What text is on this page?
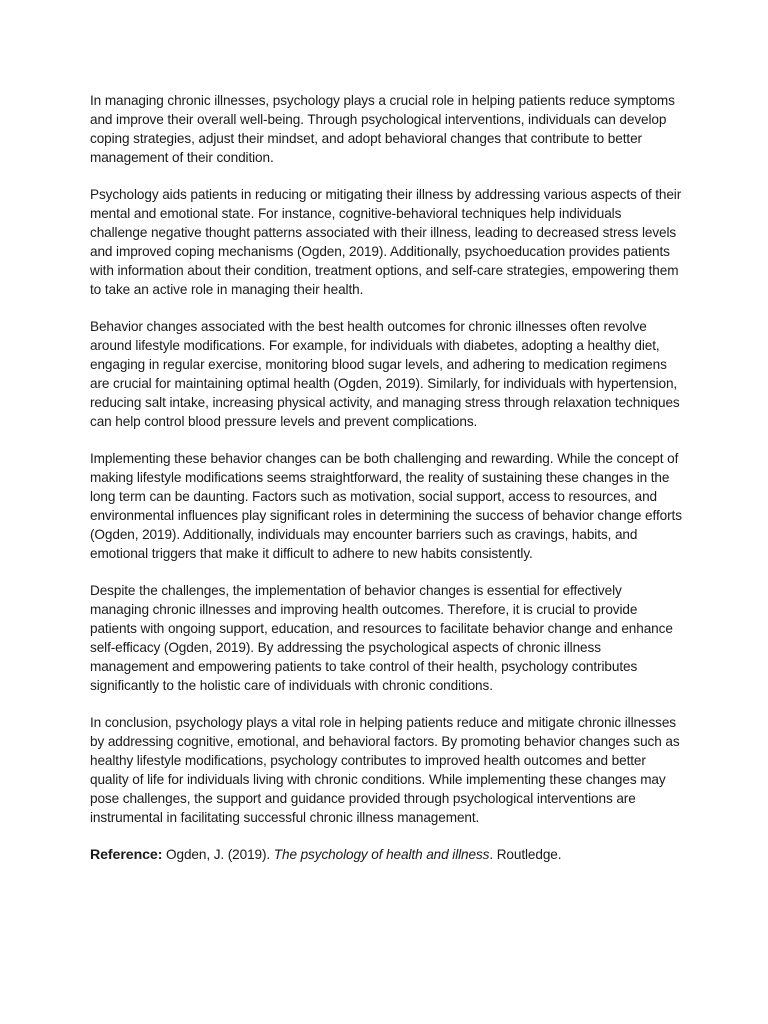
In managing chronic illnesses, psychology plays a crucial role in helping patients reduce symptoms and improve their overall well-being. Through psychological interventions, individuals can develop coping strategies, adjust their mindset, and adopt behavioral changes that contribute to better management of their condition.

Psychology aids patients in reducing or mitigating their illness by addressing various aspects of their mental and emotional state. For instance, cognitive-behavioral techniques help individuals challenge negative thought patterns associated with their illness, leading to decreased stress levels and improved coping mechanisms (Ogden, 2019). Additionally, psychoeducation provides patients with information about their condition, treatment options, and self-care strategies, empowering them to take an active role in managing their health.

Behavior changes associated with the best health outcomes for chronic illnesses often revolve around lifestyle modifications. For example, for individuals with diabetes, adopting a healthy diet, engaging in regular exercise, monitoring blood sugar levels, and adhering to medication regimens are crucial for maintaining optimal health (Ogden, 2019). Similarly, for individuals with hypertension, reducing salt intake, increasing physical activity, and managing stress through relaxation techniques can help control blood pressure levels and prevent complications.

Implementing these behavior changes can be both challenging and rewarding. While the concept of making lifestyle modifications seems straightforward, the reality of sustaining these changes in the long term can be daunting. Factors such as motivation, social support, access to resources, and environmental influences play significant roles in determining the success of behavior change efforts (Ogden, 2019). Additionally, individuals may encounter barriers such as cravings, habits, and emotional triggers that make it difficult to adhere to new habits consistently.

Despite the challenges, the implementation of behavior changes is essential for effectively managing chronic illnesses and improving health outcomes. Therefore, it is crucial to provide patients with ongoing support, education, and resources to facilitate behavior change and enhance self-efficacy (Ogden, 2019). By addressing the psychological aspects of chronic illness management and empowering patients to take control of their health, psychology contributes significantly to the holistic care of individuals with chronic conditions.

In conclusion, psychology plays a vital role in helping patients reduce and mitigate chronic illnesses by addressing cognitive, emotional, and behavioral factors. By promoting behavior changes such as healthy lifestyle modifications, psychology contributes to improved health outcomes and better quality of life for individuals living with chronic conditions. While implementing these changes may pose challenges, the support and guidance provided through psychological interventions are instrumental in facilitating successful chronic illness management.

Reference: Ogden, J. (2019). The psychology of health and illness. Routledge.
